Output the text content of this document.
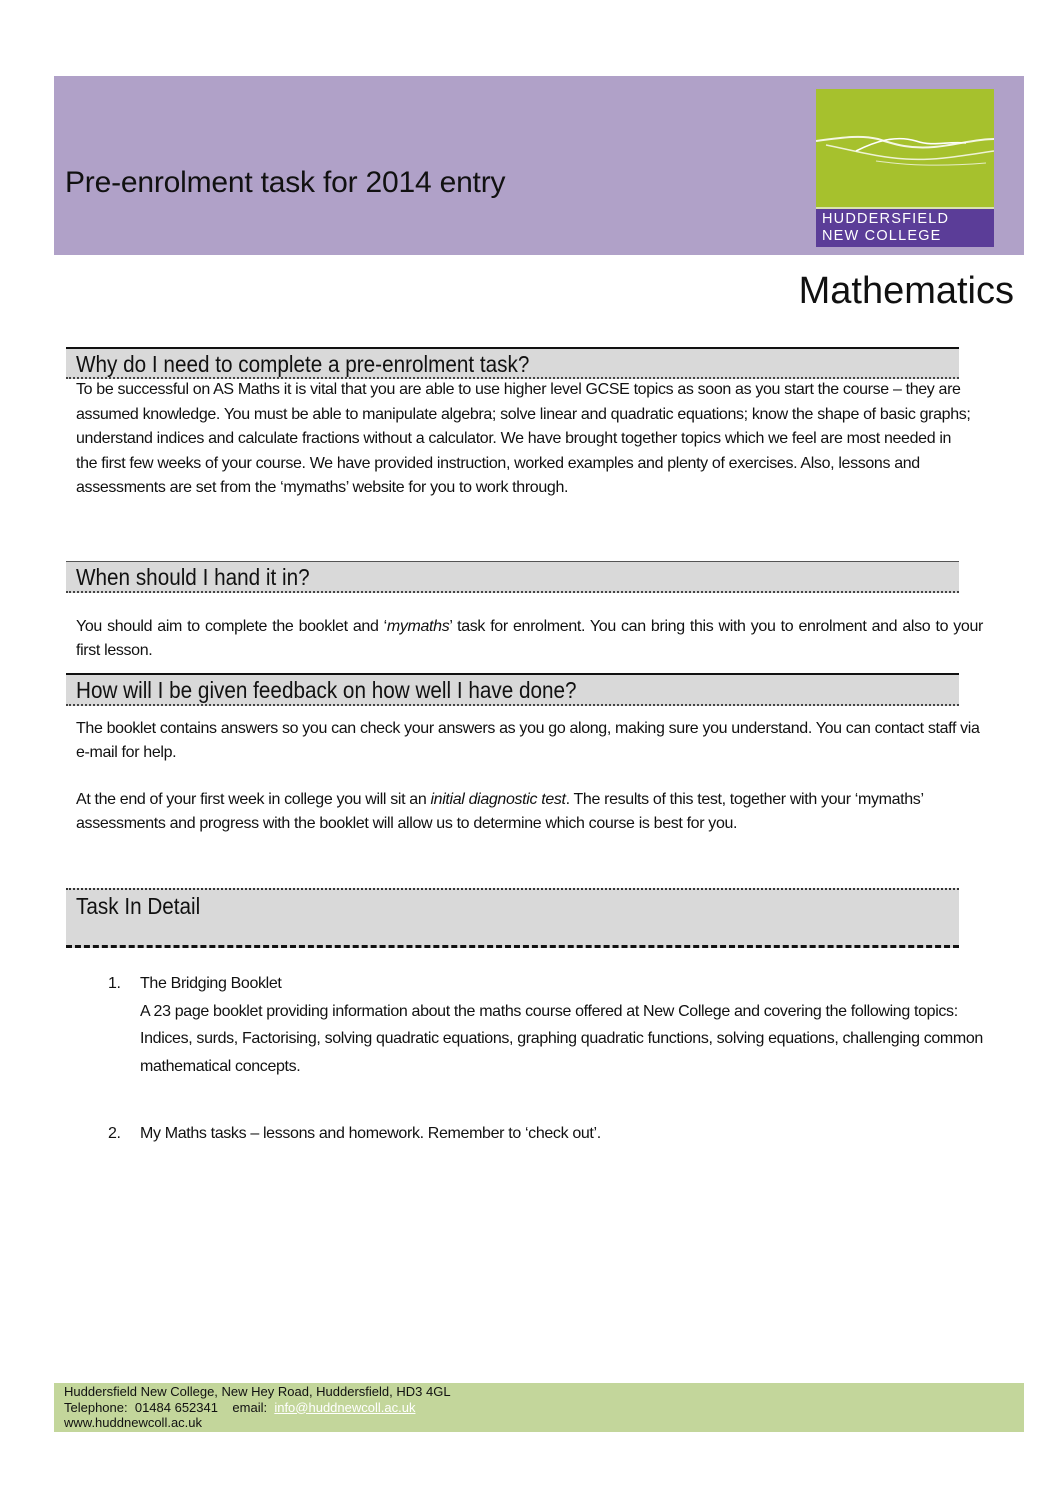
Pre-enrolment task for 2014 entry
HUDDERSFIELD
NEW COLLEGE
Mathematics
Why do I need to complete a pre-enrolment task?

To be successful on AS Maths it is vital that you are able to use higher level GCSE topics as soon as you start the course – they are assumed knowledge. You must be able to manipulate algebra; solve linear and quadratic equations; know the shape of basic graphs; understand indices and calculate fractions without a calculator. We have brought together topics which we feel are most needed in the first few weeks of your course. We have provided instruction, worked examples and plenty of exercises. Also, lessons and assessments are set from the ‘mymaths’ website for you to work through.

When should I hand it in?

You should aim to complete the booklet and ‘mymaths’ task for enrolment. You can bring this with you to enrolment and also to your first lesson.

How will I be given feedback on how well I have done?

The booklet contains answers so you can check your answers as you go along, making sure you understand. You can contact staff via e-mail for help.

At the end of your first week in college you will sit an initial diagnostic test. The results of this test, together with your ‘mymaths’ assessments and progress with the booklet will allow us to determine which course is best for you.

Task In Detail
1. The Bridging Booklet
A 23 page booklet providing information about the maths course offered at New College and covering the following topics:
Indices, surds, Factorising, solving quadratic equations, graphing quadratic functions, solving equations, challenging common mathematical concepts.
2. My Maths tasks – lessons and homework. Remember to ‘check out’.
Huddersfield New College, New Hey Road, Huddersfield, HD3 4GL
Telephone:  01484 652341    email:  info@huddnewcoll.ac.uk
www.huddnewcoll.ac.uk
